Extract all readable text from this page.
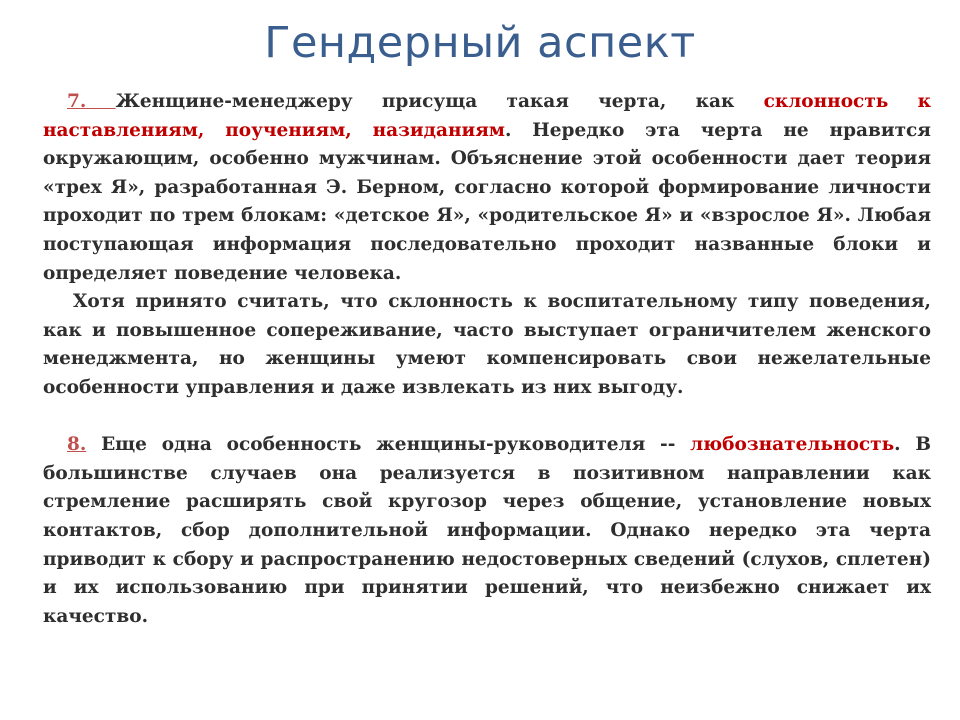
Гендерный аспект

7. Женщине-менеджеру присуща такая черта, как склонность к наставлениям, поучениям, назиданиям. Нередко эта черта не нравится окружающим, особенно мужчинам. Объяснение этой особенности дает теория «трех Я», разработанная Э. Берном, согласно которой формирование личности проходит по трем блокам: «детское Я», «родительское Я» и «взрослое Я». Любая поступающая информация последовательно проходит названные блоки и определяет поведение человека.

Хотя принято считать, что склонность к воспитательному типу поведения, как и повышенное сопереживание, часто выступает ограничителем женского менеджмента, но женщины умеют компенсировать свои нежелательные особенности управления и даже извлекать из них выгоду.

8. Еще одна особенность женщины-руководителя -- любознательность. В большинстве случаев она реализуется в позитивном направлении как стремление расширять свой кругозор через общение, установление новых контактов, сбор дополнительной информации. Однако нередко эта черта приводит к сбору и распространению недостоверных сведений (слухов, сплетен) и их использованию при принятии решений, что неизбежно снижает их качество.
